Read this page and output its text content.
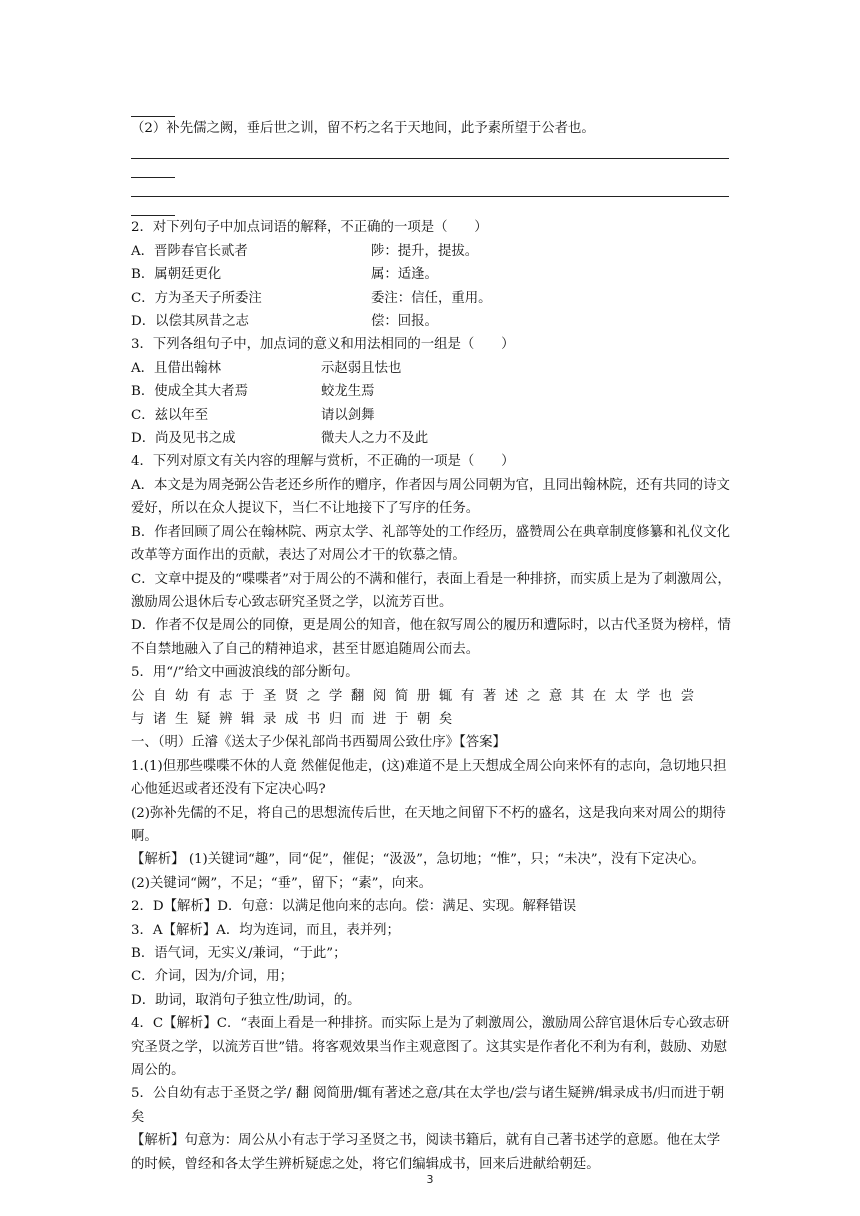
（2）补先儒之阙，垂后世之训，留不朽之名于天地间，此予素所望于公者也。
2．对下列句子中加点词语的解释，不正确的一项是（　　）
A．晋陟春官长贰者	陟：提升，提拔。
B．属朝廷更化	属：适逢。
C．方为圣天子所委注	委注：信任，重用。
D．以偿其夙昔之志	偿：回报。
3．下列各组句子中，加点词的意义和用法相同的一组是（　　）
A．且借出翰林	示赵弱且怯也
B．使成全其大者焉	蛟龙生焉
C．兹以年至	请以剑舞
D．尚及见书之成	微夫人之力不及此
4．下列对原文有关内容的理解与赏析，不正确的一项是（　　）
A．本文是为周尧弼公告老还乡所作的赠序，作者因与周公同朝为官，且同出翰林院，还有共同的诗文爱好，所以在众人提议下，当仁不让地接下了写序的任务。
B．作者回顾了周公在翰林院、两京太学、礼部等处的工作经历，盛赞周公在典章制度修纂和礼仪文化改革等方面作出的贡献，表达了对周公才干的钦慕之情。
C．文章中提及的“喋喋者”对于周公的不满和催行，表面上看是一种排挤，而实质上是为了刺激周公，激励周公退休后专心致志研究圣贤之学，以流芳百世。
D．作者不仅是周公的同僚，更是周公的知音，他在叙写周公的履历和遭际时，以古代圣贤为榜样，情不自禁地融入了自己的精神追求，甚至甘愿追随周公而去。
5．用“/”给文中画波浪线的部分断句。
公自幼有志于圣贤之学翻阅简册辄有著述之意其在太学也尝
与诸生疑辨辑录成书归而进于朝矣
一、（明）丘濬《送太子少保礼部尚书西蜀周公致仕序》【答案】
1.(1)但那些喋喋不休的人竟 然催促他走，(这)难道不是上天想成全周公向来怀有的志向，急切地只担心他延迟或者还没有下定决心吗?
(2)弥补先儒的不足，将自己的思想流传后世，在天地之间留下不朽的盛名，这是我向来对周公的期待啊。
【解析】 (1)关键词“趣”，同“促”，催促；“汲汲”，急切地；“惟”，只；“未决”，没有下定决心。
(2)关键词“阙”，不足；“垂”，留下；“素”，向来。
2．D【解析】D．句意：以满足他向来的志向。偿：满足、实现。解释错误
3．A【解析】A．均为连词，而且，表并列；
B．语气词，无实义/兼词，“于此”；
C．介词，因为/介词，用；
D．助词，取消句子独立性/助词，的。
4．C【解析】C．“表面上看是一种排挤。而实际上是为了刺激周公，激励周公辞官退休后专心致志研究圣贤之学，以流芳百世”错。将客观效果当作主观意图了。这其实是作者化不利为有利，鼓励、劝慰周公的。
5．公自幼有志于圣贤之学/ 翻 阅简册/辄有著述之意/其在太学也/尝与诸生疑辨/辑录成书/归而进于朝矣
【解析】句意为：周公从小有志于学习圣贤之书，阅读书籍后，就有自己著书述学的意愿。他在太学的时候，曾经和各太学生辨析疑虑之处，将它们编辑成书，回来后进献给朝廷。
3
